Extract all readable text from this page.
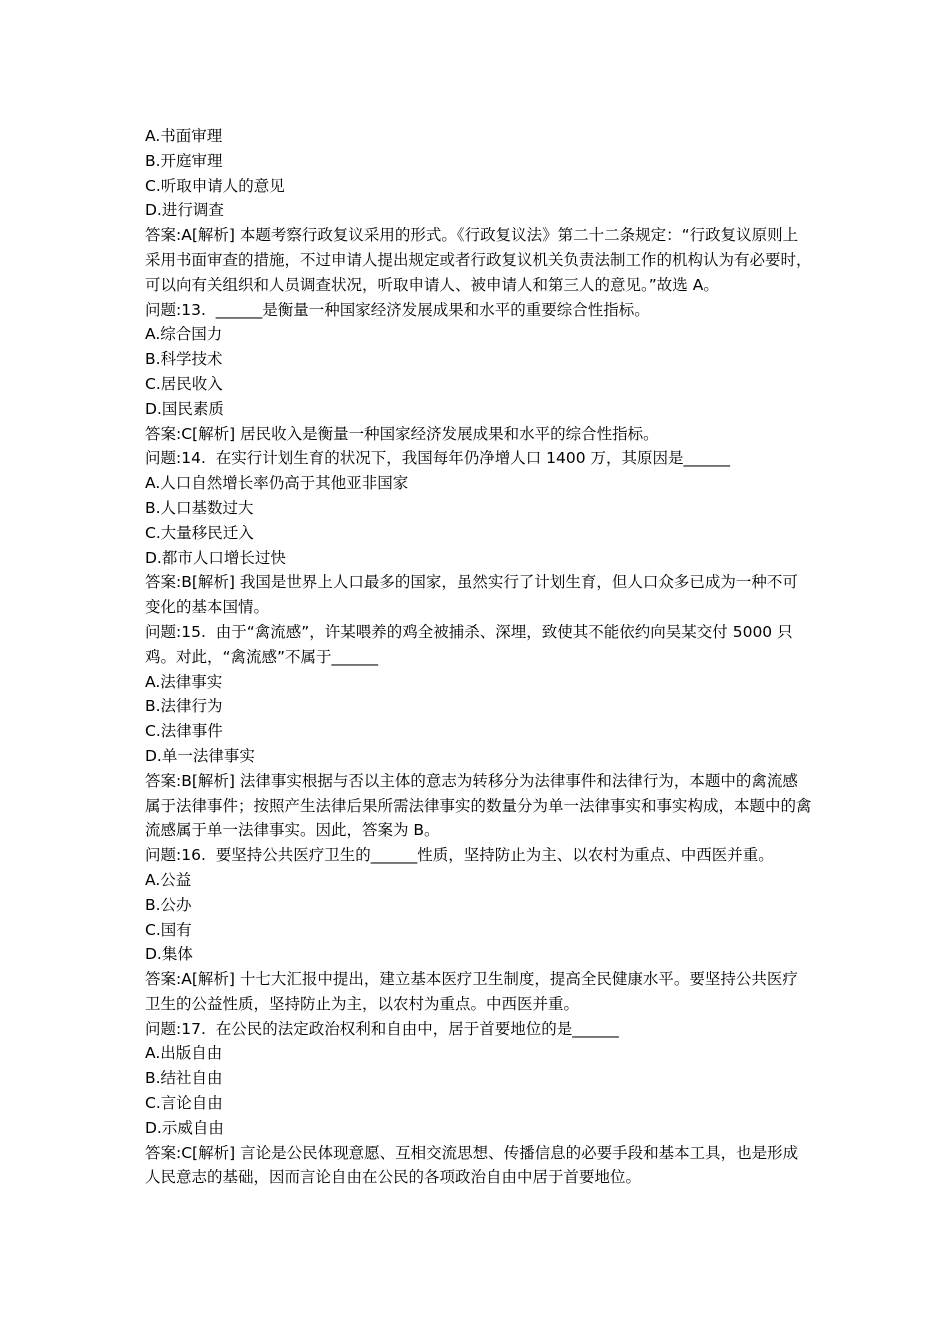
A.书面审理

B.开庭审理

C.听取申请人的意见

D.进行调查

答案:A[解析] 本题考察行政复议采用的形式。《行政复议法》第二十二条规定：“行政复议原则上采用书面审查的措施，不过申请人提出规定或者行政复议机关负责法制工作的机构认为有必要时，可以向有关组织和人员调查状况，听取申请人、被申请人和第三人的意见。”故选 A。

问题:13.  ______是衡量一种国家经济发展成果和水平的重要综合性指标。

A.综合国力

B.科学技术

C.居民收入

D.国民素质

答案:C[解析] 居民收入是衡量一种国家经济发展成果和水平的综合性指标。

问题:14.  在实行计划生育的状况下，我国每年仍净增人口 1400 万，其原因是______

A.人口自然增长率仍高于其他亚非国家

B.人口基数过大

C.大量移民迁入

D.都市人口增长过快

答案:B[解析] 我国是世界上人口最多的国家，虽然实行了计划生育，但人口众多已成为一种不可变化的基本国情。

问题:15.  由于“禽流感”，许某喂养的鸡全被捕杀、深埋，致使其不能依约向吴某交付 5000 只鸡。对此，“禽流感”不属于______

A.法律事实

B.法律行为

C.法律事件

D.单一法律事实

答案:B[解析] 法律事实根据与否以主体的意志为转移分为法律事件和法律行为，本题中的禽流感属于法律事件；按照产生法律后果所需法律事实的数量分为单一法律事实和事实构成，本题中的禽流感属于单一法律事实。因此，答案为 B。

问题:16.  要坚持公共医疗卫生的______性质，坚持防止为主、以农村为重点、中西医并重。

A.公益

B.公办

C.国有

D.集体

答案:A[解析] 十七大汇报中提出，建立基本医疗卫生制度，提高全民健康水平。要坚持公共医疗卫生的公益性质，坚持防止为主，以农村为重点。中西医并重。

问题:17.  在公民的法定政治权利和自由中，居于首要地位的是______

A.出版自由

B.结社自由

C.言论自由

D.示威自由

答案:C[解析] 言论是公民体现意愿、互相交流思想、传播信息的必要手段和基本工具，也是形成人民意志的基础，因而言论自由在公民的各项政治自由中居于首要地位。
